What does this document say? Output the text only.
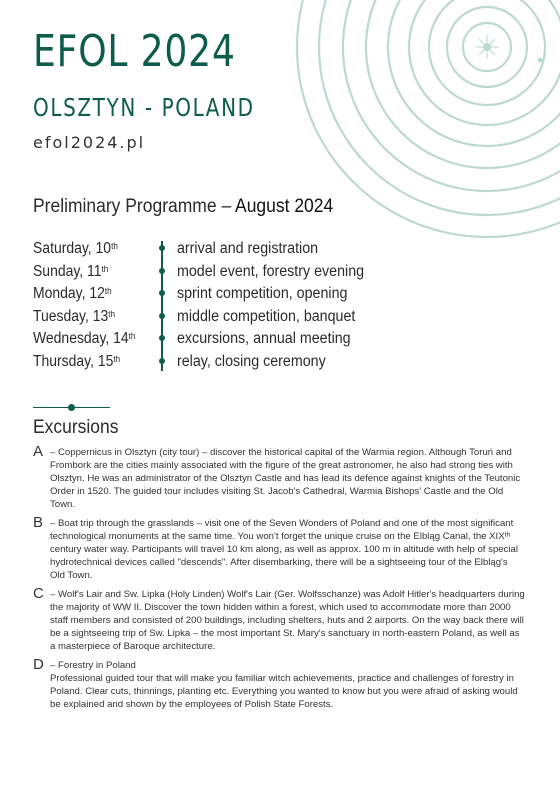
EFOL 2024
OLSZTYN - POLAND

efol2024.pl

Preliminary Programme – August 2024
Saturday, 10th	arrival and registration
Sunday, 11th	model event, forestry evening
Monday, 12th	sprint competition, opening
Tuesday, 13th	middle competition, banquet
Wednesday, 14th	excursions, annual meeting
Thursday, 15th	relay, closing ceremony
Excursions
A – Coppernicus in Olsztyn (city tour) – discover the historical capital of the Warmia region. Although Toruń and Frombork are the cities mainly associated with the figure of the great astronomer, he also had strong ties with Olsztyn. He was an administrator of the Olsztyn Castle and has lead its defence against knights of the Teutonic Order in 1520. The guided tour includes visiting St. Jacob's Cathedral, Warmia Bishops' Castle and the Old Town.
B – Boat trip through the grasslands – visit one of the Seven Wonders of Poland and one of the most significant technological monuments at the same time. You won't forget the unique cruise on the Elbląg Canal, the XIXᵗʰ century water way. Participants will travel 10 km along, as well as approx. 100 m in altitude with help of special hydrotechnical devices called "descends". After disembarking, there will be a sightseeing tour of the Elbląg's Old Town.
C – Wolf's Lair and Sw. Lipka (Holy Linden) Wolf's Lair (Ger. Wolfsschanze) was Adolf Hitler's headquarters during the majority of WW II. Discover the town hidden within a forest, which used to accommodate more than 2000 staff members and consisted of 200 buildings, including shelters, huts and 2 airports. On the way back there will be a sightseeing trip of Sw. Lipka – the most important St. Mary's sanctuary in north-eastern Poland, as well as a masterpiece of Baroque architecture.
D – Forestry in Poland
Professional guided tour that will make you familiar witch achievements, practice and challenges of forestry in Poland. Clear cuts, thinnings, planting etc. Everything you wanted to know but you were afraid of asking would be explained and shown by the employees of Polish State Forests.
